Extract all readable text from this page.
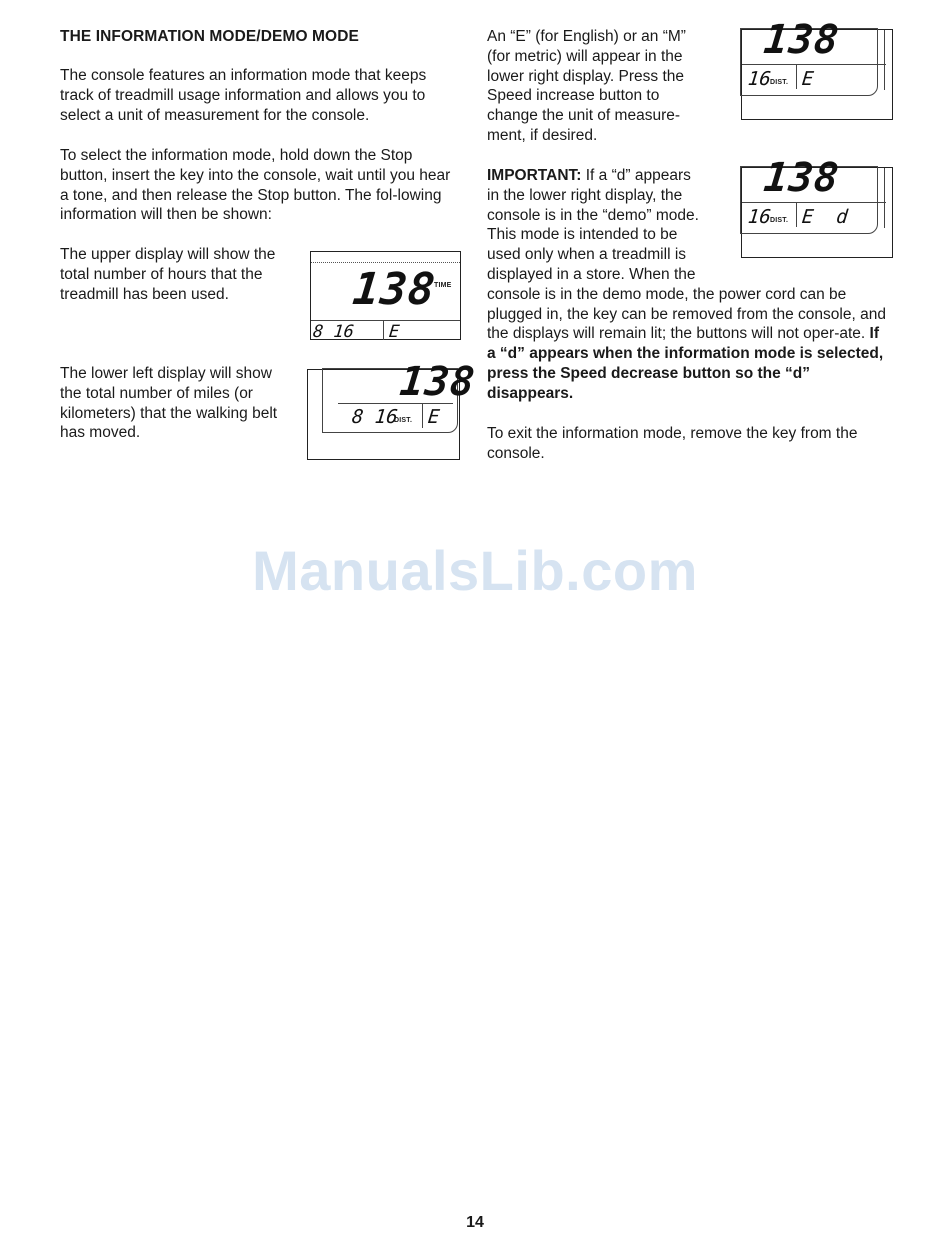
THE INFORMATION MODE/DEMO MODE

The console features an information mode that keeps track of treadmill usage information and allows you to select a unit of measurement for the console.

To select the information mode, hold down the Stop button, insert the key into the console, wait until you hear a tone, and then release the Stop button. The fol-lowing information will then be shown:

The upper display will show the total number of hours that the treadmill has been used.

The lower left display will show the total number of miles (or kilometers) that the walking belt has moved.

138
TIME
8 16 E
138
8 16
DIST. E

An “E” (for English) or an “M” (for metric) will appear in the lower right display. Press the Speed increase button to change the unit of measure-ment, if desired.

138
16
DIST. E

IMPORTANT: If a “d” appears in the lower right display, the console is in the “demo” mode. This mode is intended to be used only when a treadmill is displayed in a store. When the console is in the demo mode, the power cord can be plugged in, the key can be removed from the console, and the displays will remain lit; the buttons will not oper-ate. If a “d” appears when the information mode is selected, press the Speed decrease button so the “d” disappears.

138
16
DIST. E  d

To exit the information mode, remove the key from the console.

ManualsLib.com
14
